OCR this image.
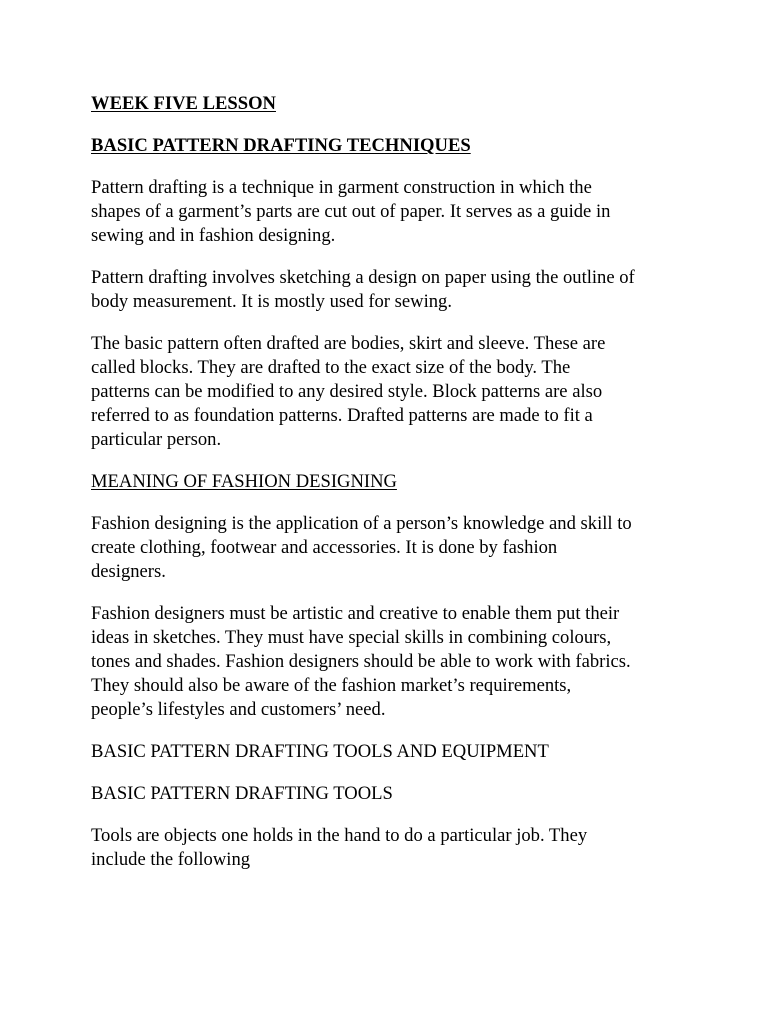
WEEK FIVE LESSON
BASIC PATTERN DRAFTING TECHNIQUES
Pattern drafting is a technique in garment construction in which the
shapes of a garment’s parts are cut out of paper. It serves as a guide in
sewing and in fashion designing.
Pattern drafting involves sketching a design on paper using the outline of
body measurement. It is mostly used for sewing.
The basic pattern often drafted are bodies, skirt and sleeve. These are
called blocks. They are drafted to the exact size of the body. The
patterns can be modified to any desired style. Block patterns are also
referred to as foundation patterns. Drafted patterns are made to fit a
particular person.
MEANING OF FASHION DESIGNING
Fashion designing is the application of a person’s knowledge and skill to
create clothing, footwear and accessories. It is done by fashion
designers.
Fashion designers must be artistic and creative to enable them put their
ideas in sketches. They must have special skills in combining colours,
tones and shades. Fashion designers should be able to work with fabrics.
They should also be aware of the fashion market’s requirements,
people’s lifestyles and customers’ need.
BASIC PATTERN DRAFTING TOOLS AND EQUIPMENT
BASIC PATTERN DRAFTING TOOLS
Tools are objects one holds in the hand to do a particular job. They
include the following
